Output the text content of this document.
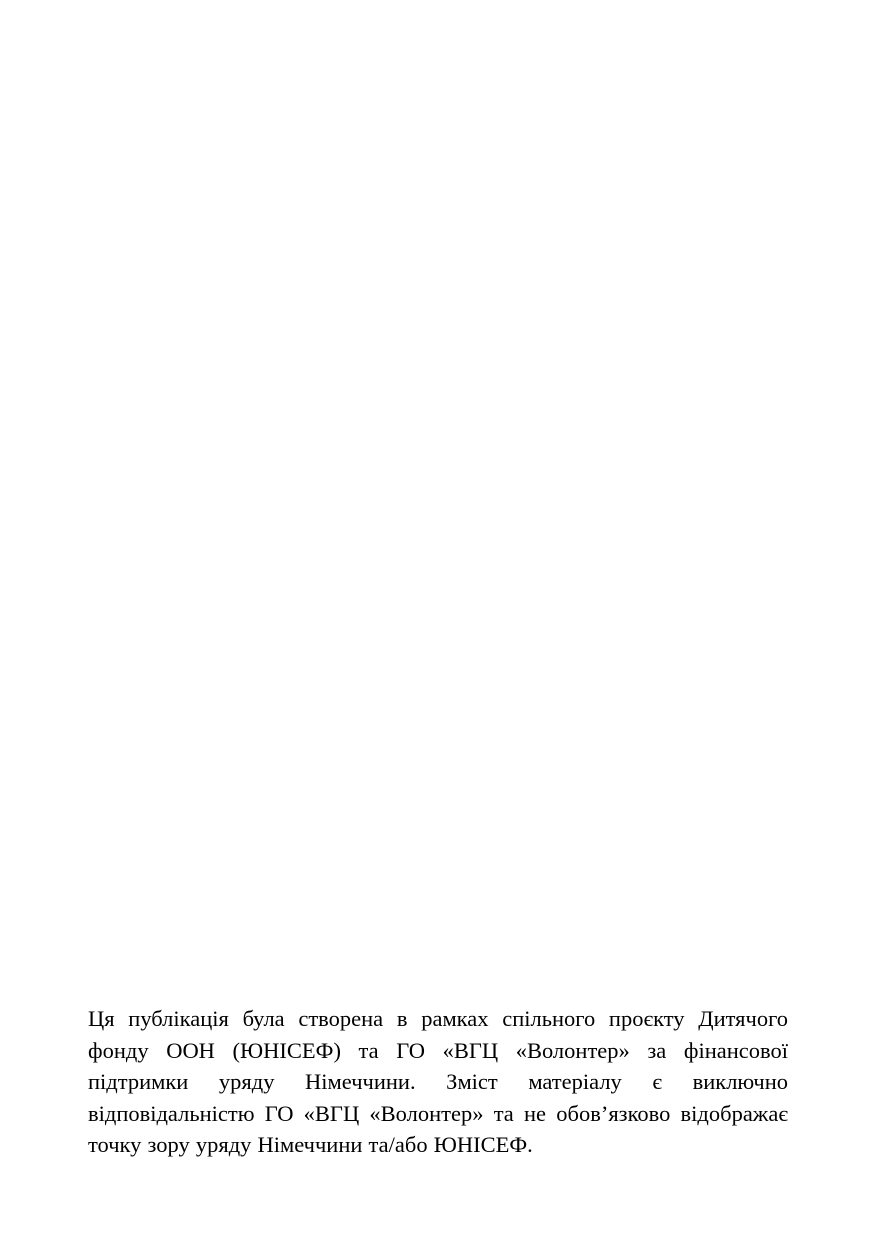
Ця публікація була створена в рамках спільного проєкту Дитячого фонду ООН (ЮНІСЕФ) та ГО «ВГЦ «Волонтер» за фінансової підтримки уряду Німеччини. Зміст матеріалу є виключно відповідальністю ГО «ВГЦ «Волонтер» та не обов’язково відображає точку зору уряду Німеччини та/або ЮНІСЕФ.
